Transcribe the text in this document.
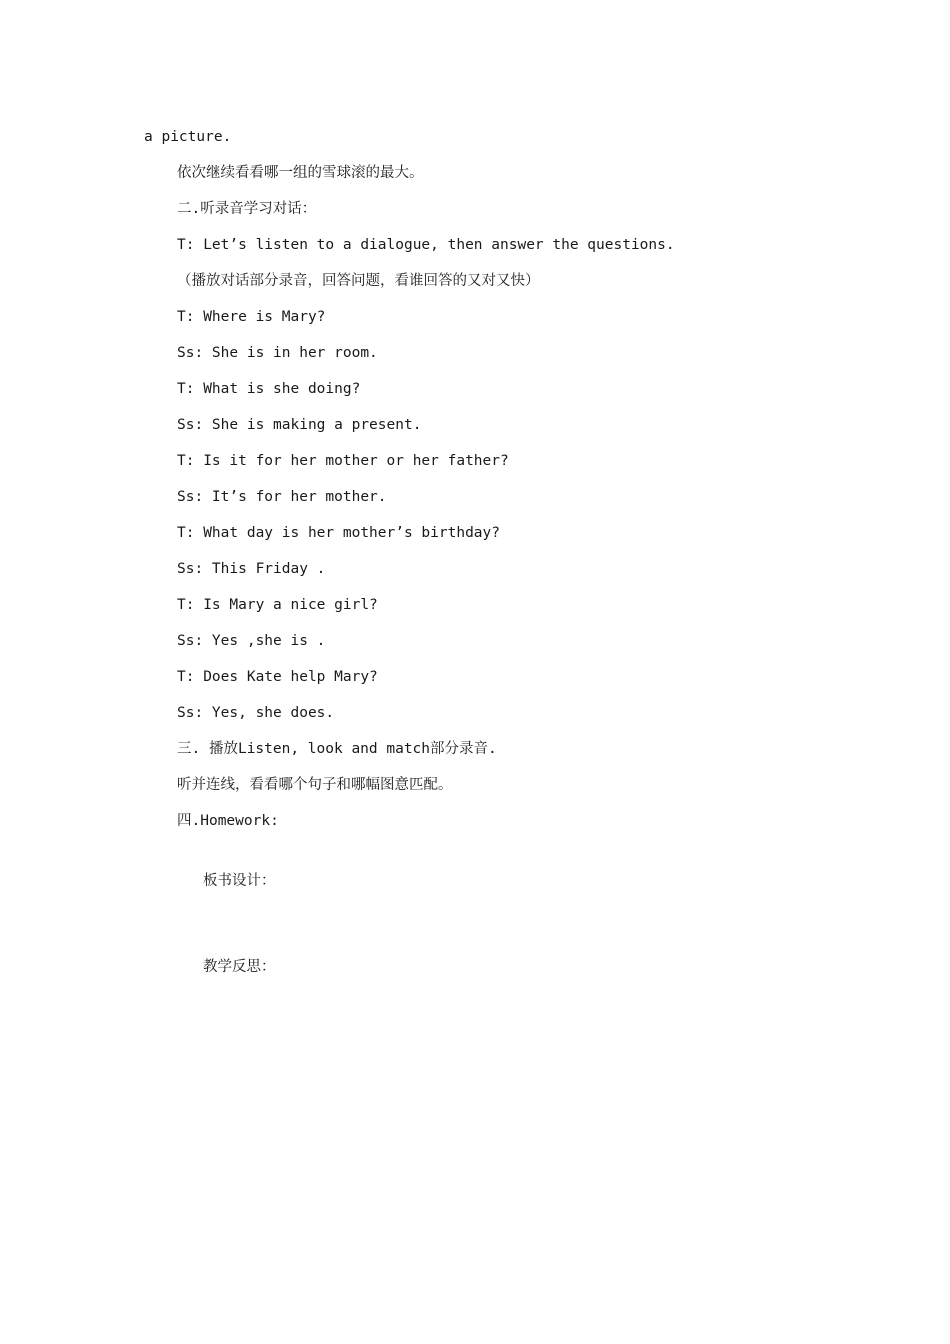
a picture.
依次继续看看哪一组的雪球滚的最大。
二.听录音学习对话：
T: Let’s listen to a dialogue, then answer the questions.
（播放对话部分录音，回答问题，看谁回答的又对又快）
T: Where is Mary?
Ss: She is in her room.
T: What is she doing?
Ss: She is making a present.
T: Is it for her mother or her father?
Ss: It’s for her mother.
T: What day is her mother’s birthday?
Ss: This Friday .
T: Is Mary a nice girl?
Ss: Yes ,she is .
T: Does Kate help Mary?
Ss: Yes, she does.
三. 播放Listen, look and match部分录音.
听并连线，看看哪个句子和哪幅图意匹配。
四.Homework:
板书设计：
教学反思：
